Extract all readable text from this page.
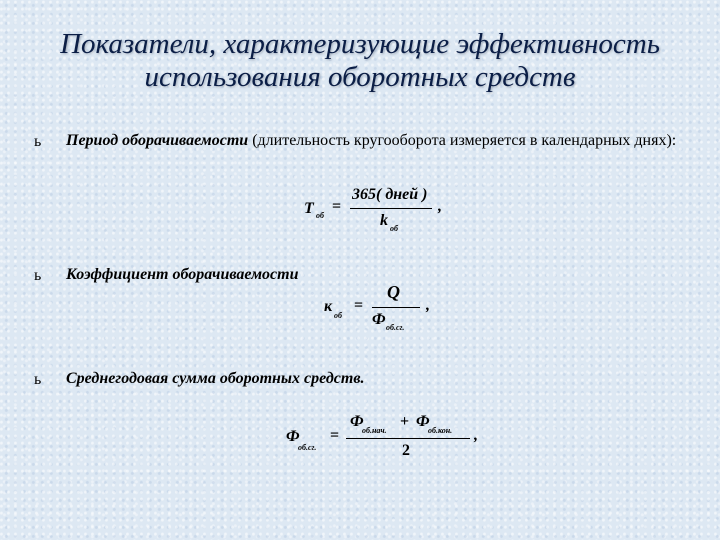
Показатели, характеризующие эффективность
использования оборотных средств
ь Период оборачиваемости (длительность кругооборота измеряется в календарных днях):
T об
=
365( дней )
k об
,
ь Коэффициент оборачиваемости
к
об
=
Q
Ф об.сг.
,
ь Среднегодовая сумма оборотных средств.
Ф
об.сг.
=
Ф
об.нач.
+ Ф
об.кон.
2
,
